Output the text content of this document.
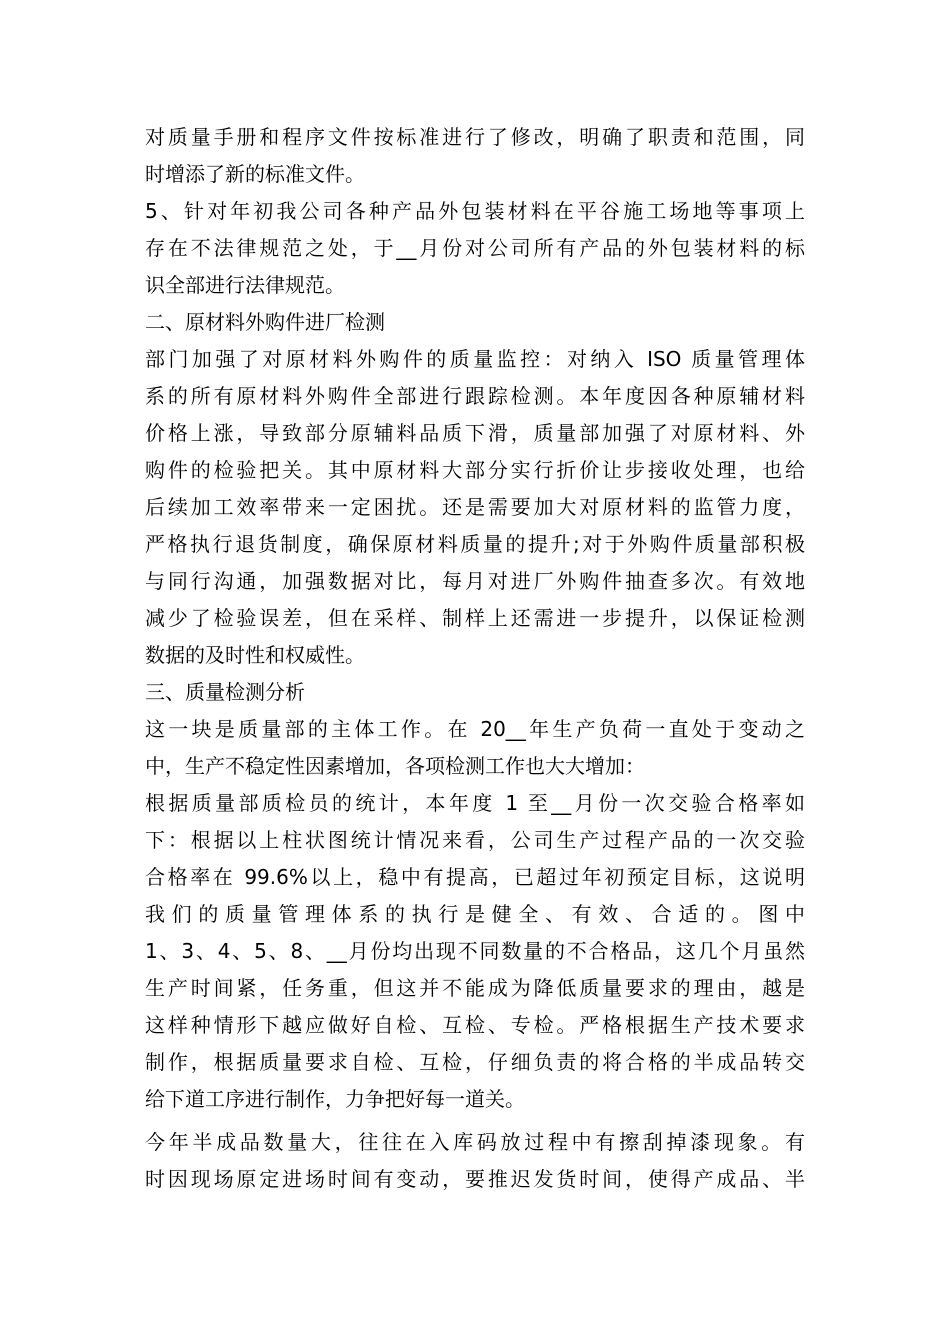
对质量手册和程序文件按标准进行了修改，明确了职责和范围，同
时增添了新的标准文件。
5、针对年初我公司各种产品外包装材料在平谷施工场地等事项上
存在不法律规范之处，于__月份对公司所有产品的外包装材料的标
识全部进行法律规范。
二、原材料外购件进厂检测
部门加强了对原材料外购件的质量监控：对纳入 ISO 质量管理体
系的所有原材料外购件全部进行跟踪检测。本年度因各种原辅材料
价格上涨，导致部分原辅料品质下滑，质量部加强了对原材料、外
购件的检验把关。其中原材料大部分实行折价让步接收处理，也给
后续加工效率带来一定困扰。还是需要加大对原材料的监管力度，
严格执行退货制度，确保原材料质量的提升;对于外购件质量部积极
与同行沟通，加强数据对比，每月对进厂外购件抽查多次。有效地
减少了检验误差，但在采样、制样上还需进一步提升，以保证检测
数据的及时性和权威性。
三、质量检测分析
这一块是质量部的主体工作。在 20__年生产负荷一直处于变动之
中，生产不稳定性因素增加，各项检测工作也大大增加：
根据质量部质检员的统计，本年度 1 至__月份一次交验合格率如
下：根据以上柱状图统计情况来看，公司生产过程产品的一次交验
合格率在 99.6%以上，稳中有提高，已超过年初预定目标，这说明
我们的质量管理体系的执行是健全、有效、合适的。图中
1、3、4、5、8、__月份均出现不同数量的不合格品，这几个月虽然
生产时间紧，任务重，但这并不能成为降低质量要求的理由，越是
这样种情形下越应做好自检、互检、专检。严格根据生产技术要求
制作，根据质量要求自检、互检，仔细负责的将合格的半成品转交
给下道工序进行制作，力争把好每一道关。
今年半成品数量大，往往在入库码放过程中有擦刮掉漆现象。有
时因现场原定进场时间有变动，要推迟发货时间，使得产成品、半
